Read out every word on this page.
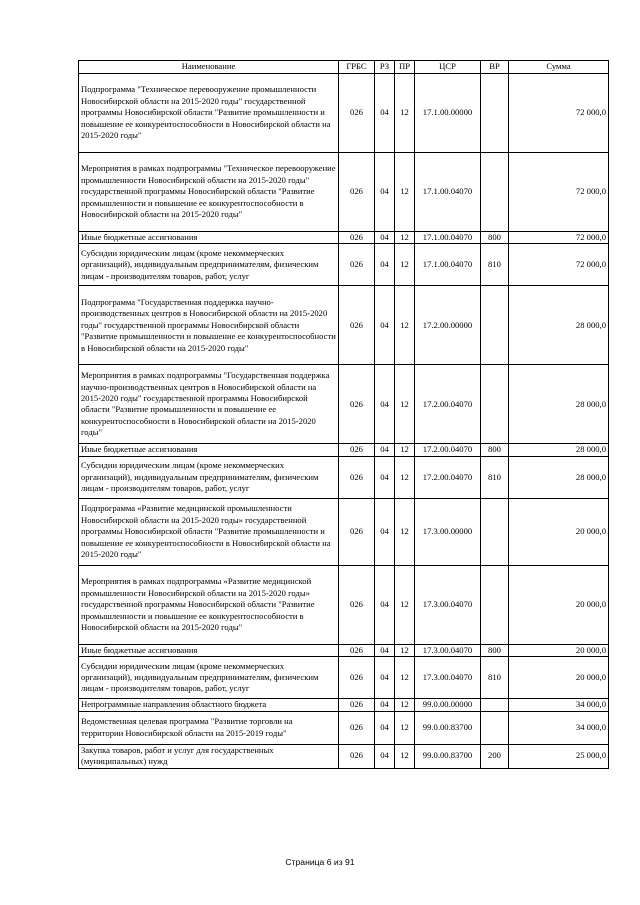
Наименование	ГРБС	РЗ	ПР	ЦСР	ВР	Сумма
Подпрограмма "Техническое перевооружение промышленности Новосибирской области на 2015-2020 годы" государственной программы Новосибирской области "Развитие промышленности и повышение ее конкурентоспособности в Новосибирской области на 2015-2020 годы"	026	04	12	17.1.00.00000		72 000,0
Мероприятия в рамках подпрограммы "Техническое перевооружение промышленности Новосибирской области на 2015-2020 годы" государственной программы Новосибирской области "Развитие промышленности и повышение ее конкурентоспособности в Новосибирской области на 2015-2020 годы"	026	04	12	17.1.00.04070		72 000,0
Иные бюджетные ассигнования	026	04	12	17.1.00.04070	800	72 000,0
Субсидии юридическим лицам (кроме некоммерческих организаций), индивидуальным предпринимателям, физическим лицам - производителям товаров, работ, услуг	026	04	12	17.1.00.04070	810	72 000,0
Подпрограмма "Государственная поддержка научно-производственных центров в Новосибирской области на 2015-2020 годы" государственной программы Новосибирской области "Развитие промышленности и повышение ее конкурентоспособности в Новосибирской области на 2015-2020 годы"	026	04	12	17.2.00.00000		28 000,0
Мероприятия в рамках подпрограммы "Государственная поддержка научно-производственных центров в Новосибирской области на 2015-2020 годы" государственной программы Новосибирской области "Развитие промышленности и повышение ее конкурентоспособности в Новосибирской области на 2015-2020 годы"	026	04	12	17.2.00.04070		28 000,0
Иные бюджетные ассигнования	026	04	12	17.2.00.04070	800	28 000,0
Субсидии юридическим лицам (кроме некоммерческих организаций), индивидуальным предпринимателям, физическим лицам - производителям товаров, работ, услуг	026	04	12	17.2.00.04070	810	28 000,0
Подпрограмма «Развитие медицинской промышленности Новосибирской области на 2015-2020 годы» государственной программы Новосибирской области "Развитие промышленности и повышение ее конкурентоспособности в Новосибирской области на 2015-2020 годы"	026	04	12	17.3.00.00000		20 000,0
Мероприятия в рамках подпрограммы «Развитие медицинской промышленности Новосибирской области на 2015-2020 годы» государственной программы Новосибирской области "Развитие промышленности и повышение ее конкурентоспособности в Новосибирской области на 2015-2020 годы"	026	04	12	17.3.00.04070		20 000,0
Иные бюджетные ассигнования	026	04	12	17.3.00.04070	800	20 000,0
Субсидии юридическим лицам (кроме некоммерческих организаций), индивидуальным предпринимателям, физическим лицам - производителям товаров, работ, услуг	026	04	12	17.3.00.04070	810	20 000,0
Непрограммные направления областного бюджета	026	04	12	99.0.00.00000		34 000,0
Ведомственная целевая программа "Развитие торговли на территории Новосибирской области на 2015-2019 годы"	026	04	12	99.0.00.83700		34 000,0
Закупка товаров, работ и услуг для государственных (муниципальных) нужд	026	04	12	99.0.00.83700	200	25 000,0
Страница 6 из 91
